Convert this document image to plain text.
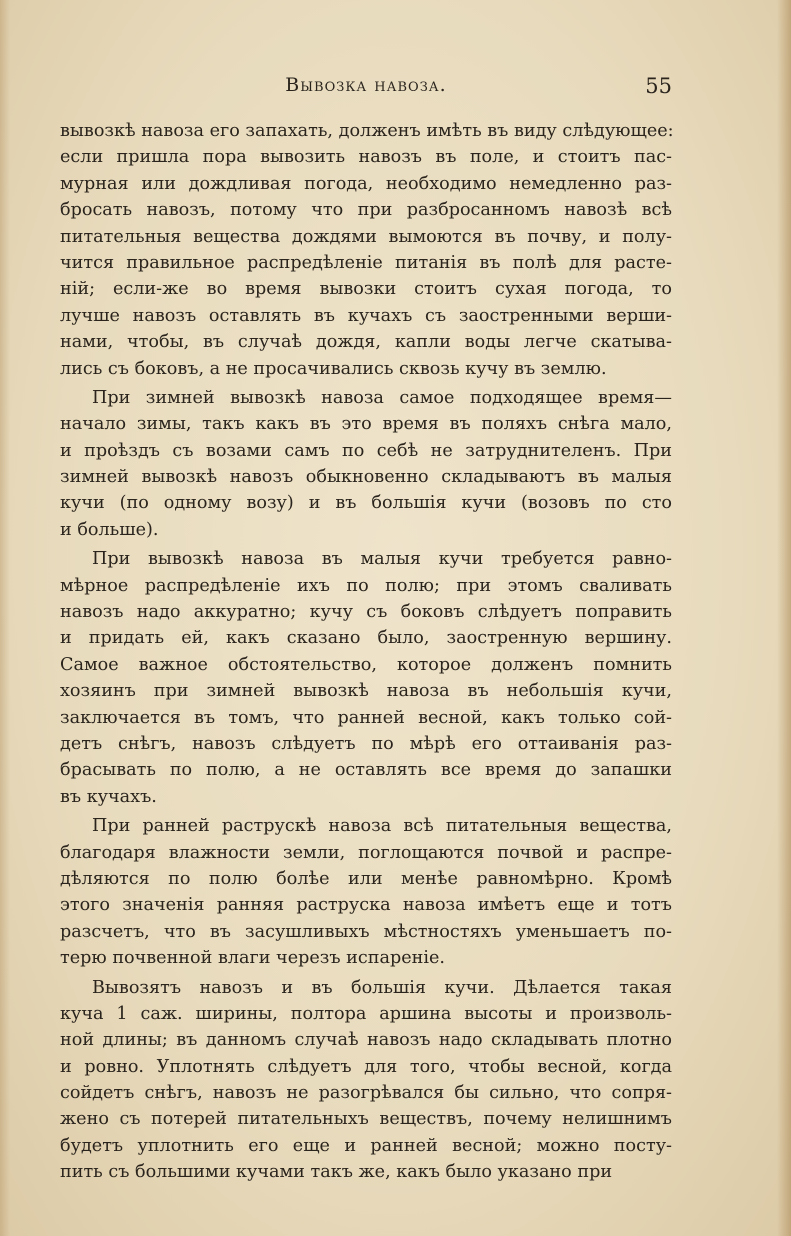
Вывозка навоза.	55
вывозкѣ навоза его запахать, долженъ имѣть въ виду слѣдующее:
если пришла пора вывозить навозъ въ поле, и стоитъ пас-
мурная или дождливая погода, необходимо немедленно раз-
бросать навозъ, потому что при разбросанномъ навозѣ всѣ
питательныя вещества дождями вымоются въ почву, и полу-
чится правильное распредѣленіе питанія въ полѣ для расте-
ній; если-же во время вывозки стоитъ сухая погода, то
лучше навозъ оставлять въ кучахъ съ заостренными верши-
нами, чтобы, въ случаѣ дождя, капли воды легче скатыва-
лись съ боковъ, а не просачивались сквозь кучу въ землю.
При зимней вывозкѣ навоза самое подходящее время—
начало зимы, такъ какъ въ это время въ поляхъ снѣга мало,
и проѣздъ съ возами самъ по себѣ не затруднителенъ. При
зимней вывозкѣ навозъ обыкновенно складываютъ въ малыя
кучи (по одному возу) и въ большія кучи (возовъ по сто
и больше).
При вывозкѣ навоза въ малыя кучи требуется равно-
мѣрное распредѣленіе ихъ по полю; при этомъ сваливать
навозъ надо аккуратно; кучу съ боковъ слѣдуетъ поправить
и придать ей, какъ сказано было, заостренную вершину.
Самое важное обстоятельство, которое долженъ помнить
хозяинъ при зимней вывозкѣ навоза въ небольшія кучи,
заключается въ томъ, что ранней весной, какъ только сой-
детъ снѣгъ, навозъ слѣдуетъ по мѣрѣ его оттаиванія раз-
брасывать по полю, а не оставлять все время до запашки
въ кучахъ.
При ранней раструскѣ навоза всѣ питательныя вещества,
благодаря влажности земли, поглощаются почвой и распре-
дѣляются по полю болѣе или менѣе равномѣрно. Кромѣ
этого значенія ранняя раструска навоза имѣетъ еще и тотъ
разсчетъ, что въ засушливыхъ мѣстностяхъ уменьшаетъ по-
терю почвенной влаги черезъ испареніе.
Вывозятъ навозъ и въ большія кучи. Дѣлается такая
куча 1 саж. ширины, полтора аршина высоты и произволь-
ной длины; въ данномъ случаѣ навозъ надо складывать плотно
и ровно. Уплотнять слѣдуетъ для того, чтобы весной, когда
сойдетъ снѣгъ, навозъ не разогрѣвался бы сильно, что сопря-
жено съ потерей питательныхъ веществъ, почему нелишнимъ
будетъ уплотнить его еще и ранней весной; можно посту-
пить съ большими кучами такъ же, какъ было указано при
